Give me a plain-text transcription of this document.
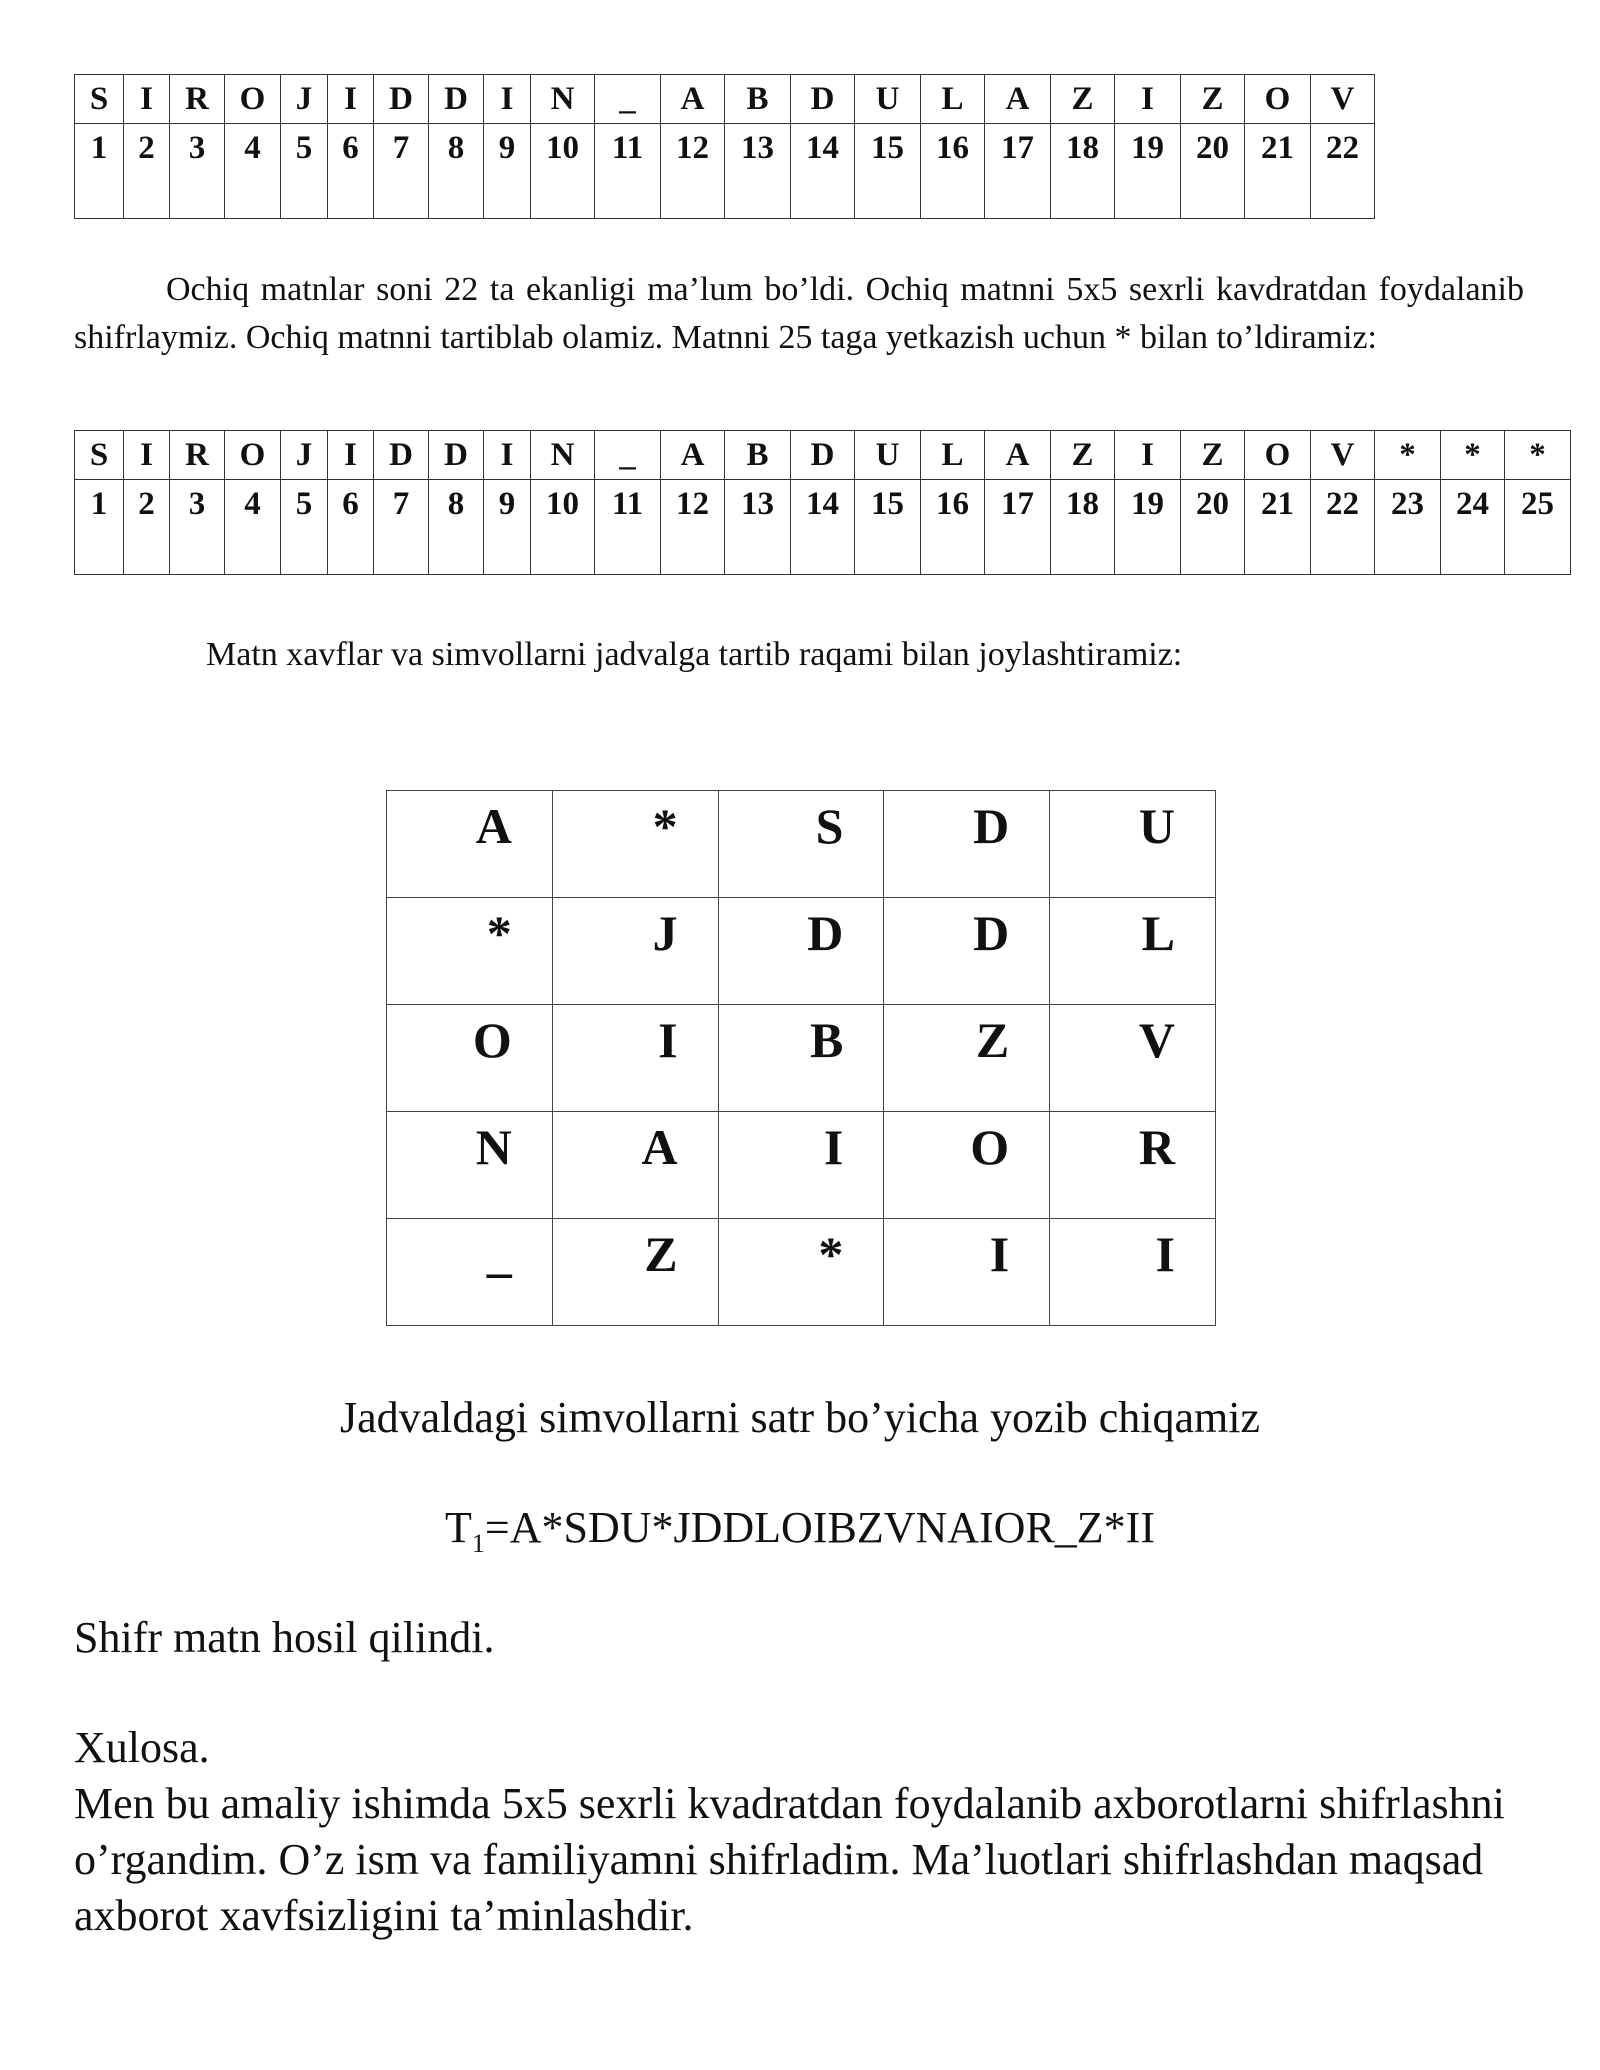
S	I	R	O	J	I	D	D	I	N	_	A	B	D	U	L	A	Z	I	Z	O	V
1	2	3	4	5	6	7	8	9	10	11	12	13	14	15	16	17	18	19	20	21	22

Ochiq matnlar soni 22 ta ekanligi ma’lum bo’ldi. Ochiq matnni 5x5 sexrli kavdratdan foydalanib shifrlaymiz. Ochiq matnni tartiblab olamiz. Matnni 25 taga yetkazish uchun * bilan to’ldiramiz:

S	I	R	O	J	I	D	D	I	N	_	A	B	D	U	L	A	Z	I	Z	O	V	*	*	*
1	2	3	4	5	6	7	8	9	10	11	12	13	14	15	16	17	18	19	20	21	22	23	24	25

Matn xavflar va simvollarni jadvalga tartib raqami bilan joylashtiramiz:

A	*	S	D	U
*	J	D	D	L
O	I	B	Z	V
N	A	I	O	R
_	Z	*	I	I

Jadvaldagi simvollarni satr bo’yicha yozib chiqamiz

$T_1=A*SDU*JDDLOIBZVNAIOR\_Z*II$

Shifr matn hosil qilindi.

Xulosa.

Men bu amaliy ishimda 5x5 sexrli kvadratdan foydalanib axborotlarni shifrlashni o’rgandim. O’z ism va familiyamni shifrladim. Ma’luotlari shifrlashdan maqsad axborot xavfsizligini ta’minlashdir.
